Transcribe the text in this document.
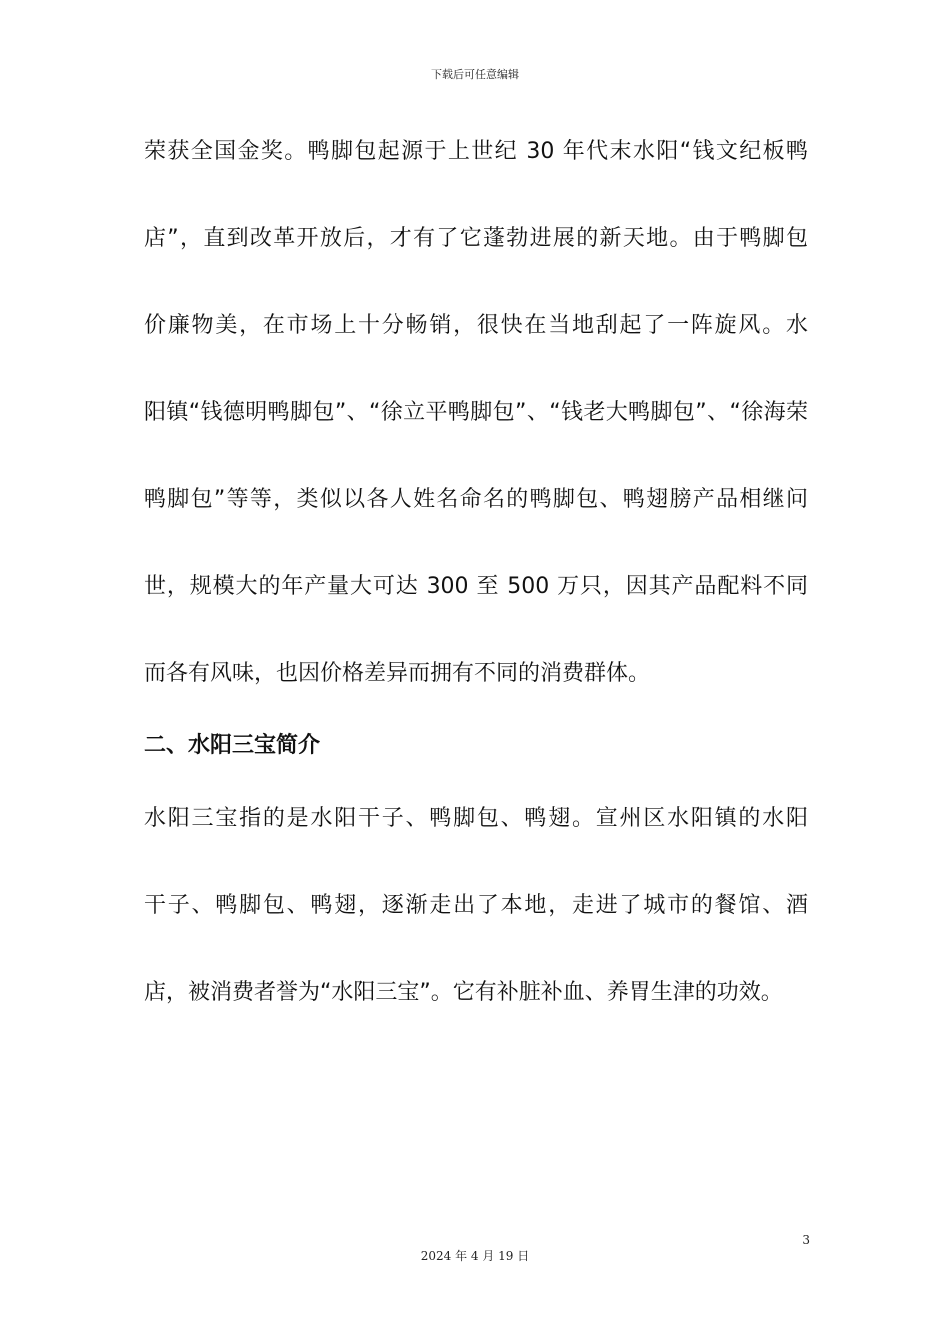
下载后可任意编辑
荣获全国金奖。鸭脚包起源于上世纪 30 年代末水阳“钱文纪板鸭
店”，直到改革开放后，才有了它蓬勃进展的新天地。由于鸭脚包
价廉物美，在市场上十分畅销，很快在当地刮起了一阵旋风。水
阳镇“钱德明鸭脚包”、“徐立平鸭脚包”、“钱老大鸭脚包”、“徐海荣
鸭脚包”等等，类似以各人姓名命名的鸭脚包、鸭翅膀产品相继问
世，规模大的年产量大可达 300 至 500 万只，因其产品配料不同
而各有风味，也因价格差异而拥有不同的消费群体。
二、水阳三宝简介
水阳三宝指的是水阳干子、鸭脚包、鸭翅。宣州区水阳镇的水阳
干子、鸭脚包、鸭翅，逐渐走出了本地，走进了城市的餐馆、酒
店，被消费者誉为“水阳三宝”。它有补脏补血、养胃生津的功效。
3
2024 年 4 月 19 日
